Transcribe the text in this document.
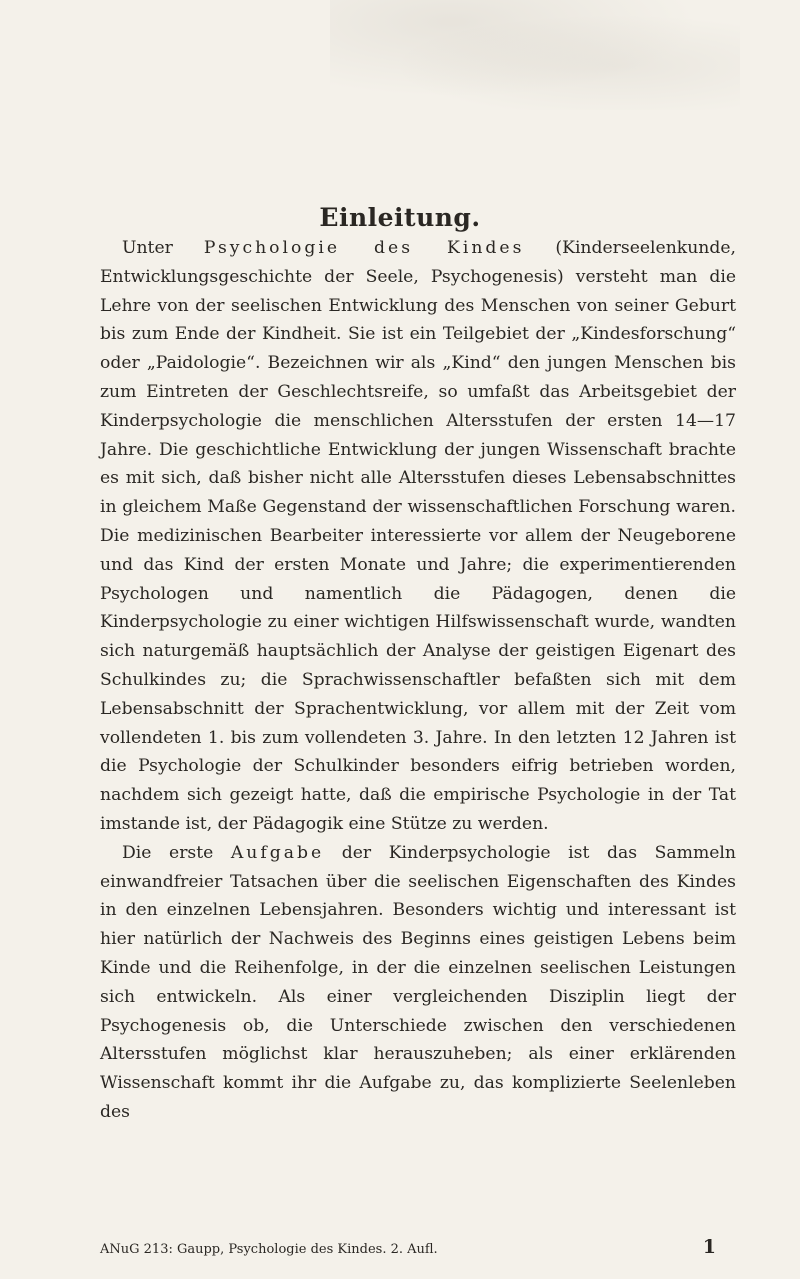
Einleitung.

Unter Psychologie des Kindes (Kinderseelenkunde, Entwicklungsgeschichte der Seele, Psychogenesis) versteht man die Lehre von der seelischen Entwicklung des Menschen von seiner Geburt bis zum Ende der Kindheit. Sie ist ein Teilgebiet der „Kindesforschung“ oder „Paidologie“. Bezeichnen wir als „Kind“ den jungen Menschen bis zum Eintreten der Geschlechtsreife, so umfaßt das Arbeitsgebiet der Kinderpsychologie die menschlichen Altersstufen der ersten 14—17 Jahre. Die geschichtliche Entwicklung der jungen Wissenschaft brachte es mit sich, daß bisher nicht alle Altersstufen dieses Lebensabschnittes in gleichem Maße Gegenstand der wissenschaftlichen Forschung waren. Die medizinischen Bearbeiter interessierte vor allem der Neugeborene und das Kind der ersten Monate und Jahre; die experimentierenden Psychologen und namentlich die Pädagogen, denen die Kinderpsychologie zu einer wichtigen Hilfswissenschaft wurde, wandten sich naturgemäß hauptsächlich der Analyse der geistigen Eigenart des Schulkindes zu; die Sprachwissenschaftler befaßten sich mit dem Lebensabschnitt der Sprachentwicklung, vor allem mit der Zeit vom vollendeten 1. bis zum vollendeten 3. Jahre. In den letzten 12 Jahren ist die Psychologie der Schulkinder besonders eifrig betrieben worden, nachdem sich gezeigt hatte, daß die empirische Psychologie in der Tat imstande ist, der Pädagogik eine Stütze zu werden.

Die erste Aufgabe der Kinderpsychologie ist das Sammeln einwandfreier Tatsachen über die seelischen Eigenschaften des Kindes in den einzelnen Lebensjahren. Besonders wichtig und interessant ist hier natürlich der Nachweis des Beginns eines geistigen Lebens beim Kinde und die Reihenfolge, in der die einzelnen seelischen Leistungen sich entwickeln. Als einer vergleichenden Disziplin liegt der Psychogenesis ob, die Unterschiede zwischen den verschiedenen Altersstufen möglichst klar herauszuheben; als einer erklärenden Wissenschaft kommt ihr die Aufgabe zu, das komplizierte Seelenleben des

ANuG 213: Gaupp, Psychologie des Kindes. 2. Aufl.	1
